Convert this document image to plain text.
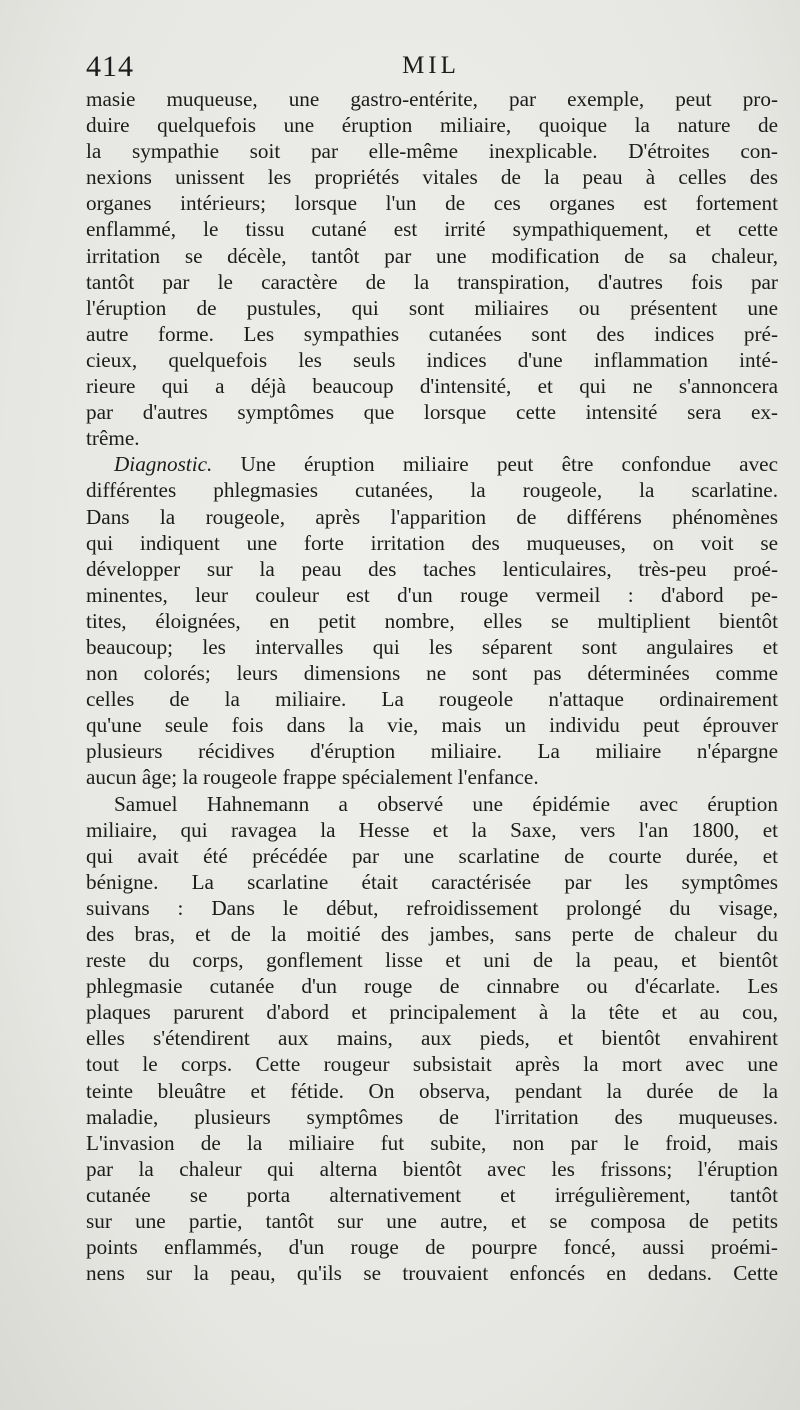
414	MIL

masie muqueuse, une gastro-entérite, par exemple, peut pro-

duire quelquefois une éruption miliaire, quoique la nature de

la sympathie soit par elle-même inexplicable. D'étroites con-

nexions unissent les propriétés vitales de la peau à celles des

organes intérieurs; lorsque l'un de ces organes est fortement

enflammé, le tissu cutané est irrité sympathiquement, et cette

irritation se décèle, tantôt par une modification de sa chaleur,

tantôt par le caractère de la transpiration, d'autres fois par

l'éruption de pustules, qui sont miliaires ou présentent une

autre forme. Les sympathies cutanées sont des indices pré-

cieux, quelquefois les seuls indices d'une inflammation inté-

rieure qui a déjà beaucoup d'intensité, et qui ne s'annoncera

par d'autres symptômes que lorsque cette intensité sera ex-

trême.

Diagnostic. Une éruption miliaire peut être confondue avec

différentes phlegmasies cutanées, la rougeole, la scarlatine.

Dans la rougeole, après l'apparition de différens phénomènes

qui indiquent une forte irritation des muqueuses, on voit se

développer sur la peau des taches lenticulaires, très-peu proé-

minentes, leur couleur est d'un rouge vermeil : d'abord pe-

tites, éloignées, en petit nombre, elles se multiplient bientôt

beaucoup; les intervalles qui les séparent sont angulaires et

non colorés; leurs dimensions ne sont pas déterminées comme

celles de la miliaire. La rougeole n'attaque ordinairement

qu'une seule fois dans la vie, mais un individu peut éprouver

plusieurs récidives d'éruption miliaire. La miliaire n'épargne

aucun âge; la rougeole frappe spécialement l'enfance.

Samuel Hahnemann a observé une épidémie avec éruption

miliaire, qui ravagea la Hesse et la Saxe, vers l'an 1800, et

qui avait été précédée par une scarlatine de courte durée, et

bénigne. La scarlatine était caractérisée par les symptômes

suivans : Dans le début, refroidissement prolongé du visage,

des bras, et de la moitié des jambes, sans perte de chaleur du

reste du corps, gonflement lisse et uni de la peau, et bientôt

phlegmasie cutanée d'un rouge de cinnabre ou d'écarlate. Les

plaques parurent d'abord et principalement à la tête et au cou,

elles s'étendirent aux mains, aux pieds, et bientôt envahirent

tout le corps. Cette rougeur subsistait après la mort avec une

teinte bleuâtre et fétide. On observa, pendant la durée de la

maladie, plusieurs symptômes de l'irritation des muqueuses.

L'invasion de la miliaire fut subite, non par le froid, mais

par la chaleur qui alterna bientôt avec les frissons; l'éruption

cutanée se porta alternativement et irrégulièrement, tantôt

sur une partie, tantôt sur une autre, et se composa de petits

points enflammés, d'un rouge de pourpre foncé, aussi proémi-

nens sur la peau, qu'ils se trouvaient enfoncés en dedans. Cette
